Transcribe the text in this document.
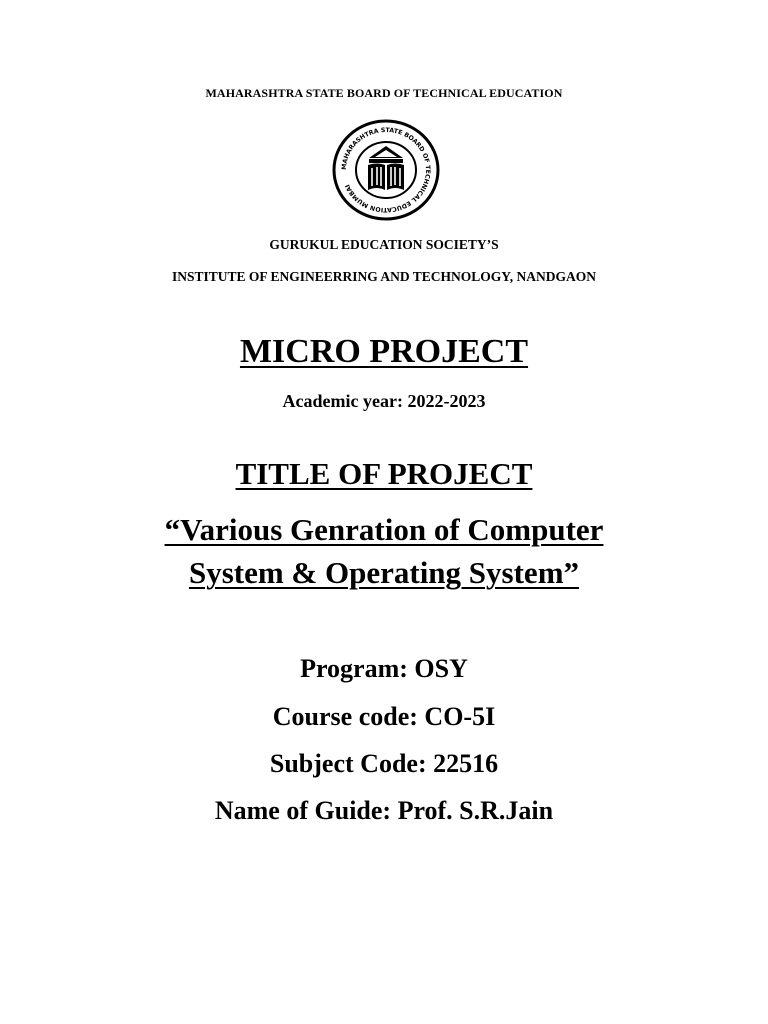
MAHARASHTRA STATE BOARD OF TECHNICAL EDUCATION
MAHARASHTRA STATE BOARD OF TECHNICAL EDUCATION MUMBAI
GURUKUL EDUCATION SOCIETY’S
INSTITUTE OF ENGINEERRING AND TECHNOLOGY, NANDGAON
MICRO PROJECT
Academic year: 2022-2023
TITLE OF PROJECT
“Various Genration of Computer
System & Operating System”
Program: OSY
Course code: CO-5I
Subject Code: 22516
Name of Guide: Prof. S.R.Jain
